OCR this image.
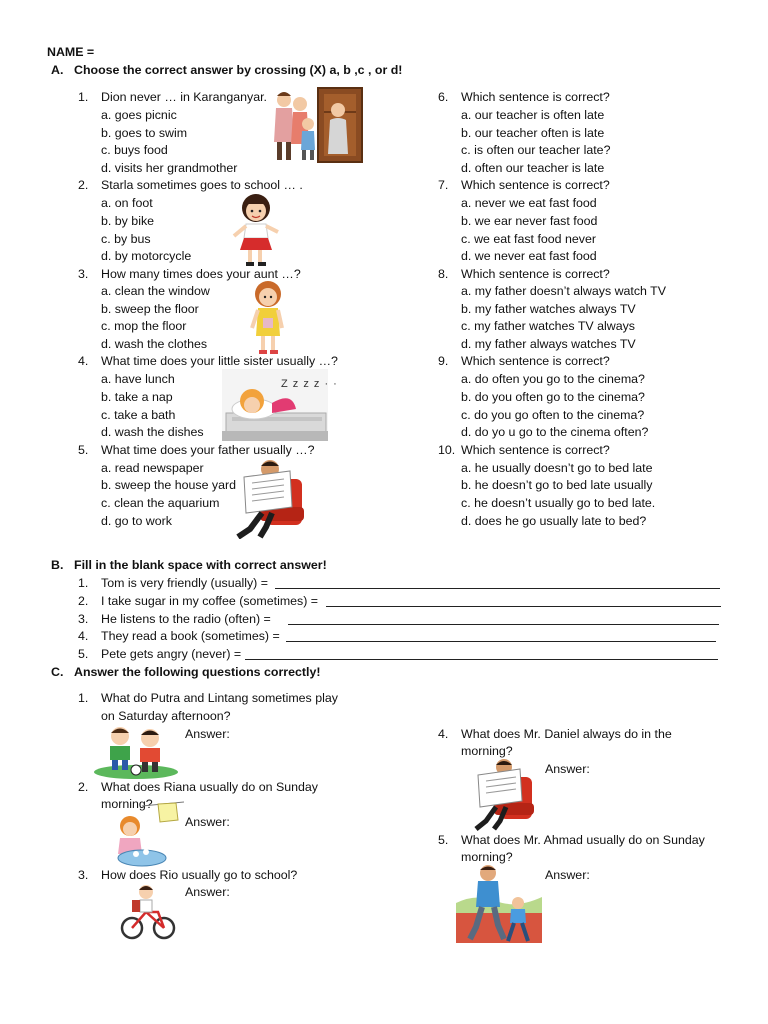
NAME =
A. Choose the correct answer by crossing (X) a, b ,c , or d!
1. Dion never … in Karanganyar.
a. goes picnic
b. goes to swim
c. buys food
d. visits her grandmother
2. Starla sometimes goes to school … .
a. on foot
b. by bike
c. by bus
d. by motorcycle
3. How many times does your aunt …?
a. clean the window
b. sweep the floor
c. mop the floor
d. wash the clothes
4. What time does your little sister usually …?
a. have lunch
b. take a nap
c. take a bath
d. wash the dishes
5. What time does your father usually …?
a. read newspaper
b. sweep the house yard
c. clean the aquarium
d. go to work
6. Which sentence is correct?
a. our teacher is often late
b. our teacher often is late
c. is often our teacher late?
d. often our teacher is late
7. Which sentence is correct?
a. never we eat fast food
b. we ear never fast food
c. we eat fast food never
d. we never eat fast food
8. Which sentence is correct?
a. my father doesn’t always watch TV
b. my father watches always TV
c. my father watches TV always
d. my father always watches TV
9. Which sentence is correct?
a. do often you go to the cinema?
b. do you often go to the cinema?
c. do you go often to the cinema?
d. do yo u go to the cinema often?
10. Which sentence is correct?
a. he usually doesn’t go to bed late
b. he doesn’t go to bed late usually
c. he doesn’t usually go to bed late.
d. does he go usually late to bed?
Z z z z · ·
B. Fill in the blank space with correct answer!
1. Tom is very friendly (usually) =
2. I take sugar in my coffee (sometimes) =
3. He listens to the radio (often) =
4. They read a book (sometimes) =
5. Pete gets angry (never) =
C. Answer the following questions correctly!
1. What do Putra and Lintang sometimes play
on Saturday afternoon?
Answer:
2. What does Riana usually do on Sunday
morning?
Answer:
3. How does Rio usually go to school?
Answer:
4. What does Mr. Daniel always do in the
morning?
Answer:
5. What does Mr. Ahmad usually do on Sunday
morning?
Answer:
